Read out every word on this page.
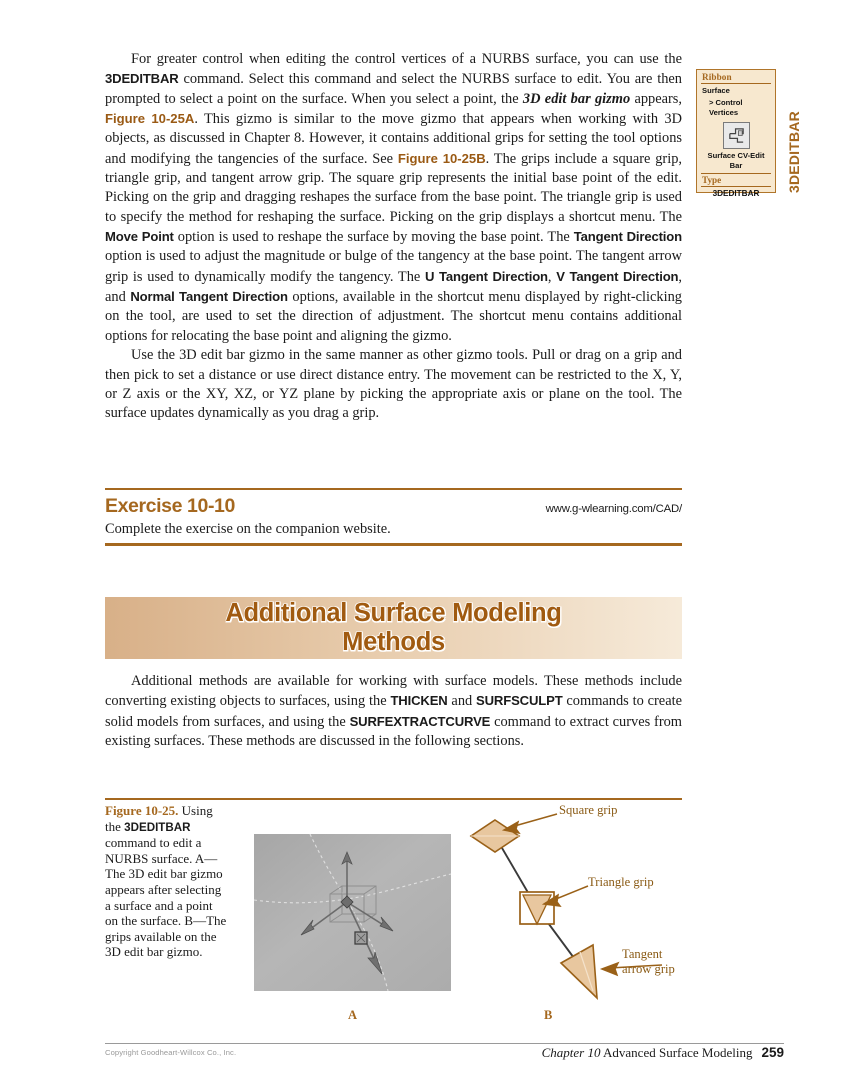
For greater control when editing the control vertices of a NURBS surface, you can use the 3DEDITBAR command. Select this command and select the NURBS surface to edit. You are then prompted to select a point on the surface. When you select a point, the 3D edit bar gizmo appears, Figure 10-25A. This gizmo is similar to the move gizmo that appears when working with 3D objects, as discussed in Chapter 8. However, it contains additional grips for setting the tool options and modifying the tangencies of the surface. See Figure 10-25B. The grips include a square grip, triangle grip, and tangent arrow grip. The square grip represents the initial base point of the edit. Picking on the grip and dragging reshapes the surface from the base point. The triangle grip is used to specify the method for reshaping the surface. Picking on the grip displays a shortcut menu. The Move Point option is used to reshape the surface by moving the base point. The Tangent Direction option is used to adjust the magnitude or bulge of the tangency at the base point. The tangent arrow grip is used to dynamically modify the tangency. The U Tangent Direction, V Tangent Direction, and Normal Tangent Direction options, available in the shortcut menu displayed by right-clicking on the tool, are used to set the direction of adjustment. The shortcut menu contains additional options for relocating the base point and aligning the gizmo.

Use the 3D edit bar gizmo in the same manner as other gizmo tools. Pull or drag on a grip and then pick to set a distance or use direct distance entry. The movement can be restricted to the X, Y, or Z axis or the XY, XZ, or YZ plane by picking the appropriate axis or plane on the tool. The surface updates dynamically as you drag a grip.

Ribbon
Surface
> Control Vertices
Surface CV-Edit
Bar
Type
3DEDITBAR
3DEDITBAR
Exercise 10-10	www.g-wlearning.com/CAD/
Complete the exercise on the companion website.
Additional Surface Modeling
Methods

Additional methods are available for working with surface models. These methods include converting existing objects to surfaces, using the THICKEN and SURFSCULPT commands to create solid models from surfaces, and using the SURFEXTRACTCURVE command to extract curves from existing surfaces. These methods are discussed in the following sections.

Figure 10-25. Using the 3DEDITBAR command to edit a NURBS surface. A—The 3D edit bar gizmo appears after selecting a surface and a point on the surface. B—The grips available on the 3D edit bar gizmo.
Square grip
Triangle grip
Tangent
arrow grip
A	B
Copyright Goodheart-Willcox Co., Inc.	Chapter 10 Advanced Surface Modeling 259
